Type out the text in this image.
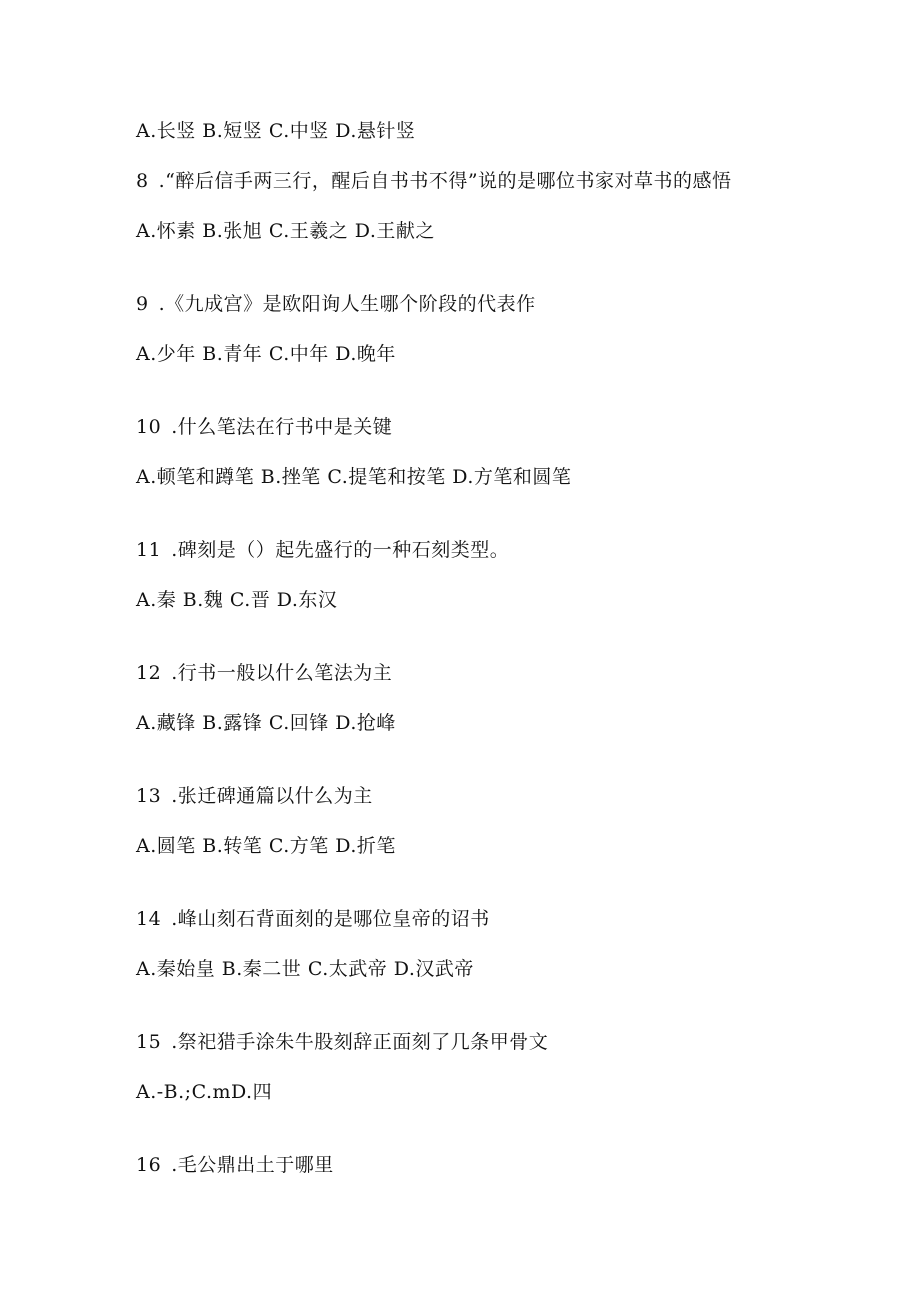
A.长竖 B.短竖 C.中竖 D.悬针竖
8 .“醉后信手两三行，醒后自书书不得”说的是哪位书家对草书的感悟
A.怀素 B.张旭 C.王羲之 D.王献之
9 .《九成宫》是欧阳询人生哪个阶段的代表作
A.少年 B.青年 C.中年 D.晚年
10 .什么笔法在行书中是关键
A.顿笔和蹲笔 B.挫笔 C.提笔和按笔 D.方笔和圆笔
11 .碑刻是（）起先盛行的一种石刻类型。
A.秦 B.魏 C.晋 D.东汉
12 .行书一般以什么笔法为主
A.藏锋 B.露锋 C.回锋 D.抢峰
13 .张迁碑通篇以什么为主
A.圆笔 B.转笔 C.方笔 D.折笔
14 .峰山刻石背面刻的是哪位皇帝的诏书
A.秦始皇 B.秦二世 C.太武帝 D.汉武帝
15 .祭祀猎手涂朱牛股刻辞正面刻了几条甲骨文
A.-B.;C.mD.四
16 .毛公鼎出土于哪里
